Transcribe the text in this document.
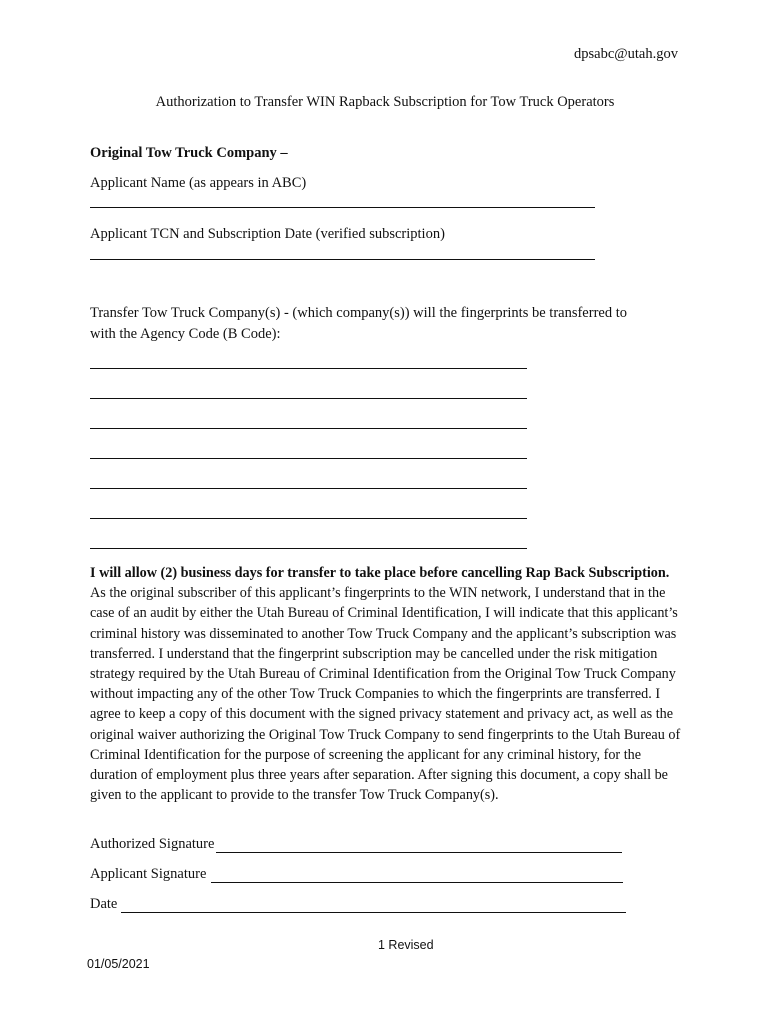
dpsabc@utah.gov
Authorization to Transfer WIN Rapback Subscription for Tow Truck Operators
Original Tow Truck Company –
Applicant Name (as appears in ABC)
Applicant TCN and Subscription Date (verified subscription)
Transfer Tow Truck Company(s) - (which company(s)) will the fingerprints be transferred to
with the Agency Code (B Code):
I will allow (2) business days for transfer to take place before cancelling Rap Back Subscription. As the original subscriber of this applicant’s fingerprints to the WIN network, I understand that in the case of an audit by either the Utah Bureau of Criminal Identification, I will indicate that this applicant’s criminal history was disseminated to another Tow Truck Company and the applicant’s subscription was transferred. I understand that the fingerprint subscription may be cancelled under the risk mitigation strategy required by the Utah Bureau of Criminal Identification from the Original Tow Truck Company without impacting any of the other Tow Truck Companies to which the fingerprints are transferred. I agree to keep a copy of this document with the signed privacy statement and privacy act, as well as the original waiver authorizing the Original Tow Truck Company to send fingerprints to the Utah Bureau of Criminal Identification for the purpose of screening the applicant for any criminal history, for the duration of employment plus three years after separation. After signing this document, a copy shall be given to the applicant to provide to the transfer Tow Truck Company(s).
Authorized Signature
Applicant Signature
Date
1 Revised
01/05/2021
